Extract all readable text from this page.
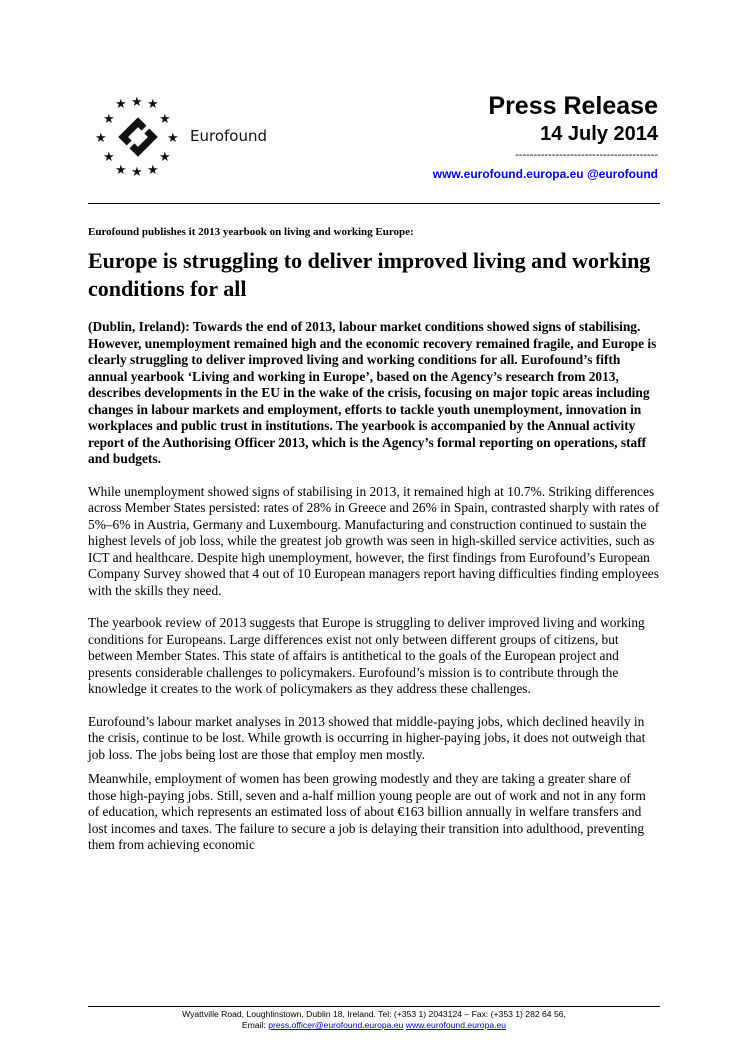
★ ★ ★
★	★
★	★
★	★
★ ★ ★
Eurofound
Press Release
14 July 2014
---------------------------------------
www.eurofound.europa.eu @eurofound

Eurofound publishes it 2013 yearbook on living and working Europe:

Europe is struggling to deliver improved living and working conditions for all

(Dublin, Ireland): Towards the end of 2013, labour market conditions showed signs of stabilising. However, unemployment remained high and the economic recovery remained fragile, and Europe is clearly struggling to deliver improved living and working conditions for all. Eurofound’s fifth annual yearbook ‘Living and working in Europe’, based on the Agency’s research from 2013, describes developments in the EU in the wake of the crisis, focusing on major topic areas including changes in labour markets and employment, efforts to tackle youth unemployment, innovation in workplaces and public trust in institutions. The yearbook is accompanied by the Annual activity report of the Authorising Officer 2013, which is the Agency’s formal reporting on operations, staff and budgets.

While unemployment showed signs of stabilising in 2013, it remained high at 10.7%. Striking differences across Member States persisted: rates of 28% in Greece and 26% in Spain, contrasted sharply with rates of 5%–6% in Austria, Germany and Luxembourg. Manufacturing and construction continued to sustain the highest levels of job loss, while the greatest job growth was seen in high-skilled service activities, such as ICT and healthcare. Despite high unemployment, however, the first findings from Eurofound’s European Company Survey showed that 4 out of 10 European managers report having difficulties finding employees with the skills they need.

The yearbook review of 2013 suggests that Europe is struggling to deliver improved living and working conditions for Europeans. Large differences exist not only between different groups of citizens, but between Member States. This state of affairs is antithetical to the goals of the European project and presents considerable challenges to policymakers. Eurofound’s mission is to contribute through the knowledge it creates to the work of policymakers as they address these challenges.

Eurofound’s labour market analyses in 2013 showed that middle-paying jobs, which declined heavily in the crisis, continue to be lost. While growth is occurring in higher-paying jobs, it does not outweigh that job loss. The jobs being lost are those that employ men mostly.

Meanwhile, employment of women has been growing modestly and they are taking a greater share of those high-paying jobs. Still, seven and a-half million young people are out of work and not in any form of education, which represents an estimated loss of about €163 billion annually in welfare transfers and lost incomes and taxes. The failure to secure a job is delaying their transition into adulthood, preventing them from achieving economic

Wyattville Road, Loughlinstown, Dublin 18, Ireland. Tel: (+353 1) 2043124 – Fax: (+353 1) 282 64 56,
Email: press.officer@eurofound.europa.eu www.eurofound.europa.eu
